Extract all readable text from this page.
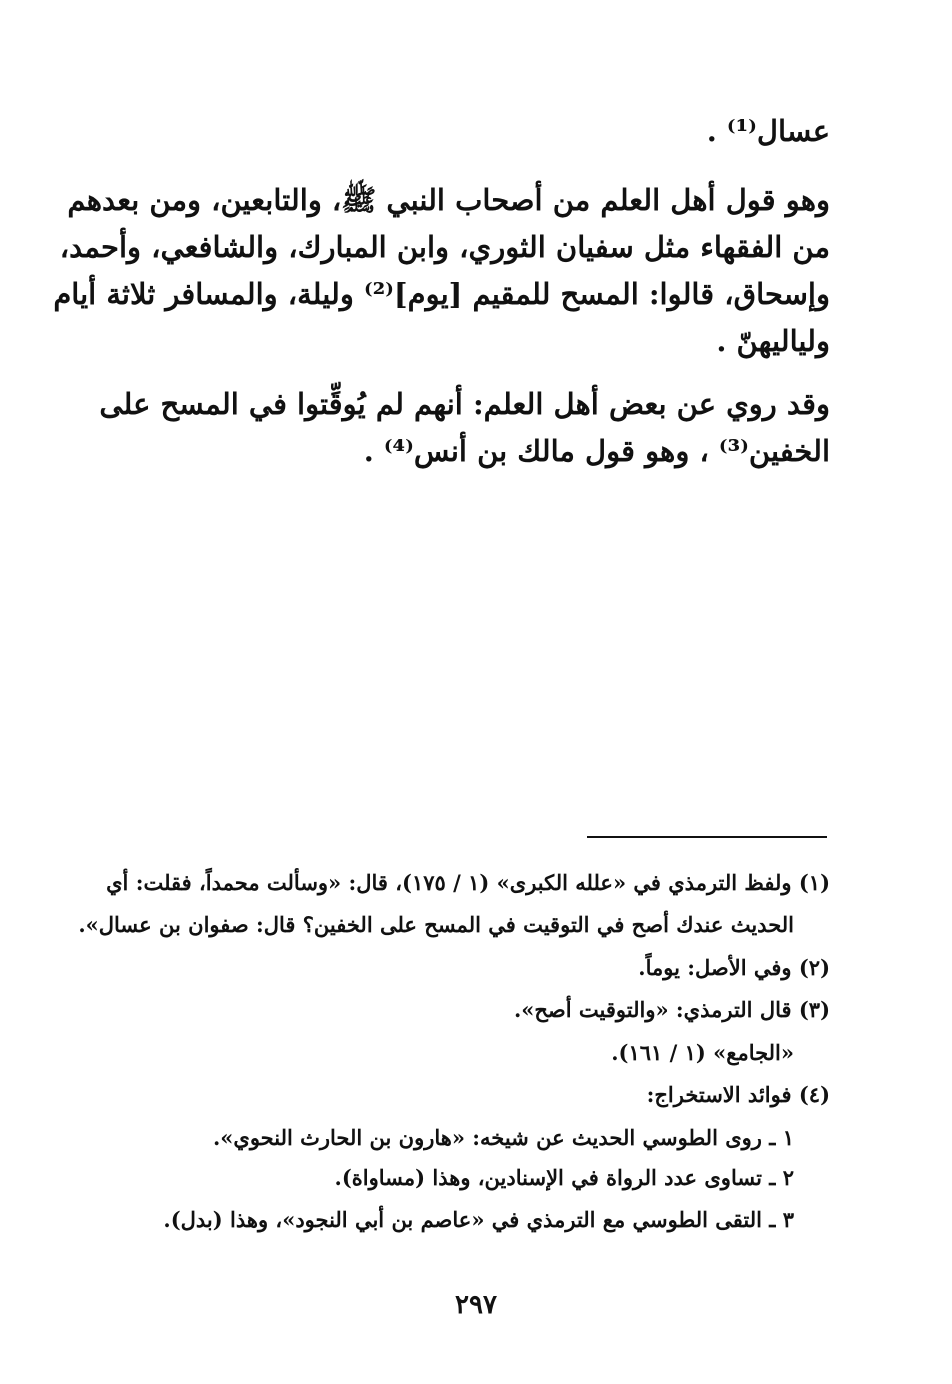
عسال⁽¹⁾ .
وهو قول أهل العلم من أصحاب النبي ﷺ، والتابعين، ومن بعدهم
من الفقهاء مثل سفيان الثوري، وابن المبارك، والشافعي، وأحمد،
وإسحاق، قالوا: المسح للمقيم [يوم]⁽²⁾ وليلة، والمسافر ثلاثة أيام
ولياليهنّ .
وقد روي عن بعض أهل العلم: أنهم لم يُوقِّتوا في المسح على
الخفين⁽³⁾ ، وهو قول مالك بن أنس⁽⁴⁾ .
(١) ولفظ الترمذي في «علله الكبرى» (١ / ١٧٥)، قال: «وسألت محمداً، فقلت: أي
الحديث عندك أصح في التوقيت في المسح على الخفين؟ قال: صفوان بن عسال».
(٢) وفي الأصل: يوماً.
(٣) قال الترمذي: «والتوقيت أصح».
«الجامع» (١ / ١٦١).
(٤) فوائد الاستخراج:
١ ـ روى الطوسي الحديث عن شيخه: «هارون بن الحارث النحوي».
٢ ـ تساوى عدد الرواة في الإسنادين، وهذا (مساواة).
٣ ـ التقى الطوسي مع الترمذي في «عاصم بن أبي النجود»، وهذا (بدل).
٢٩٧
